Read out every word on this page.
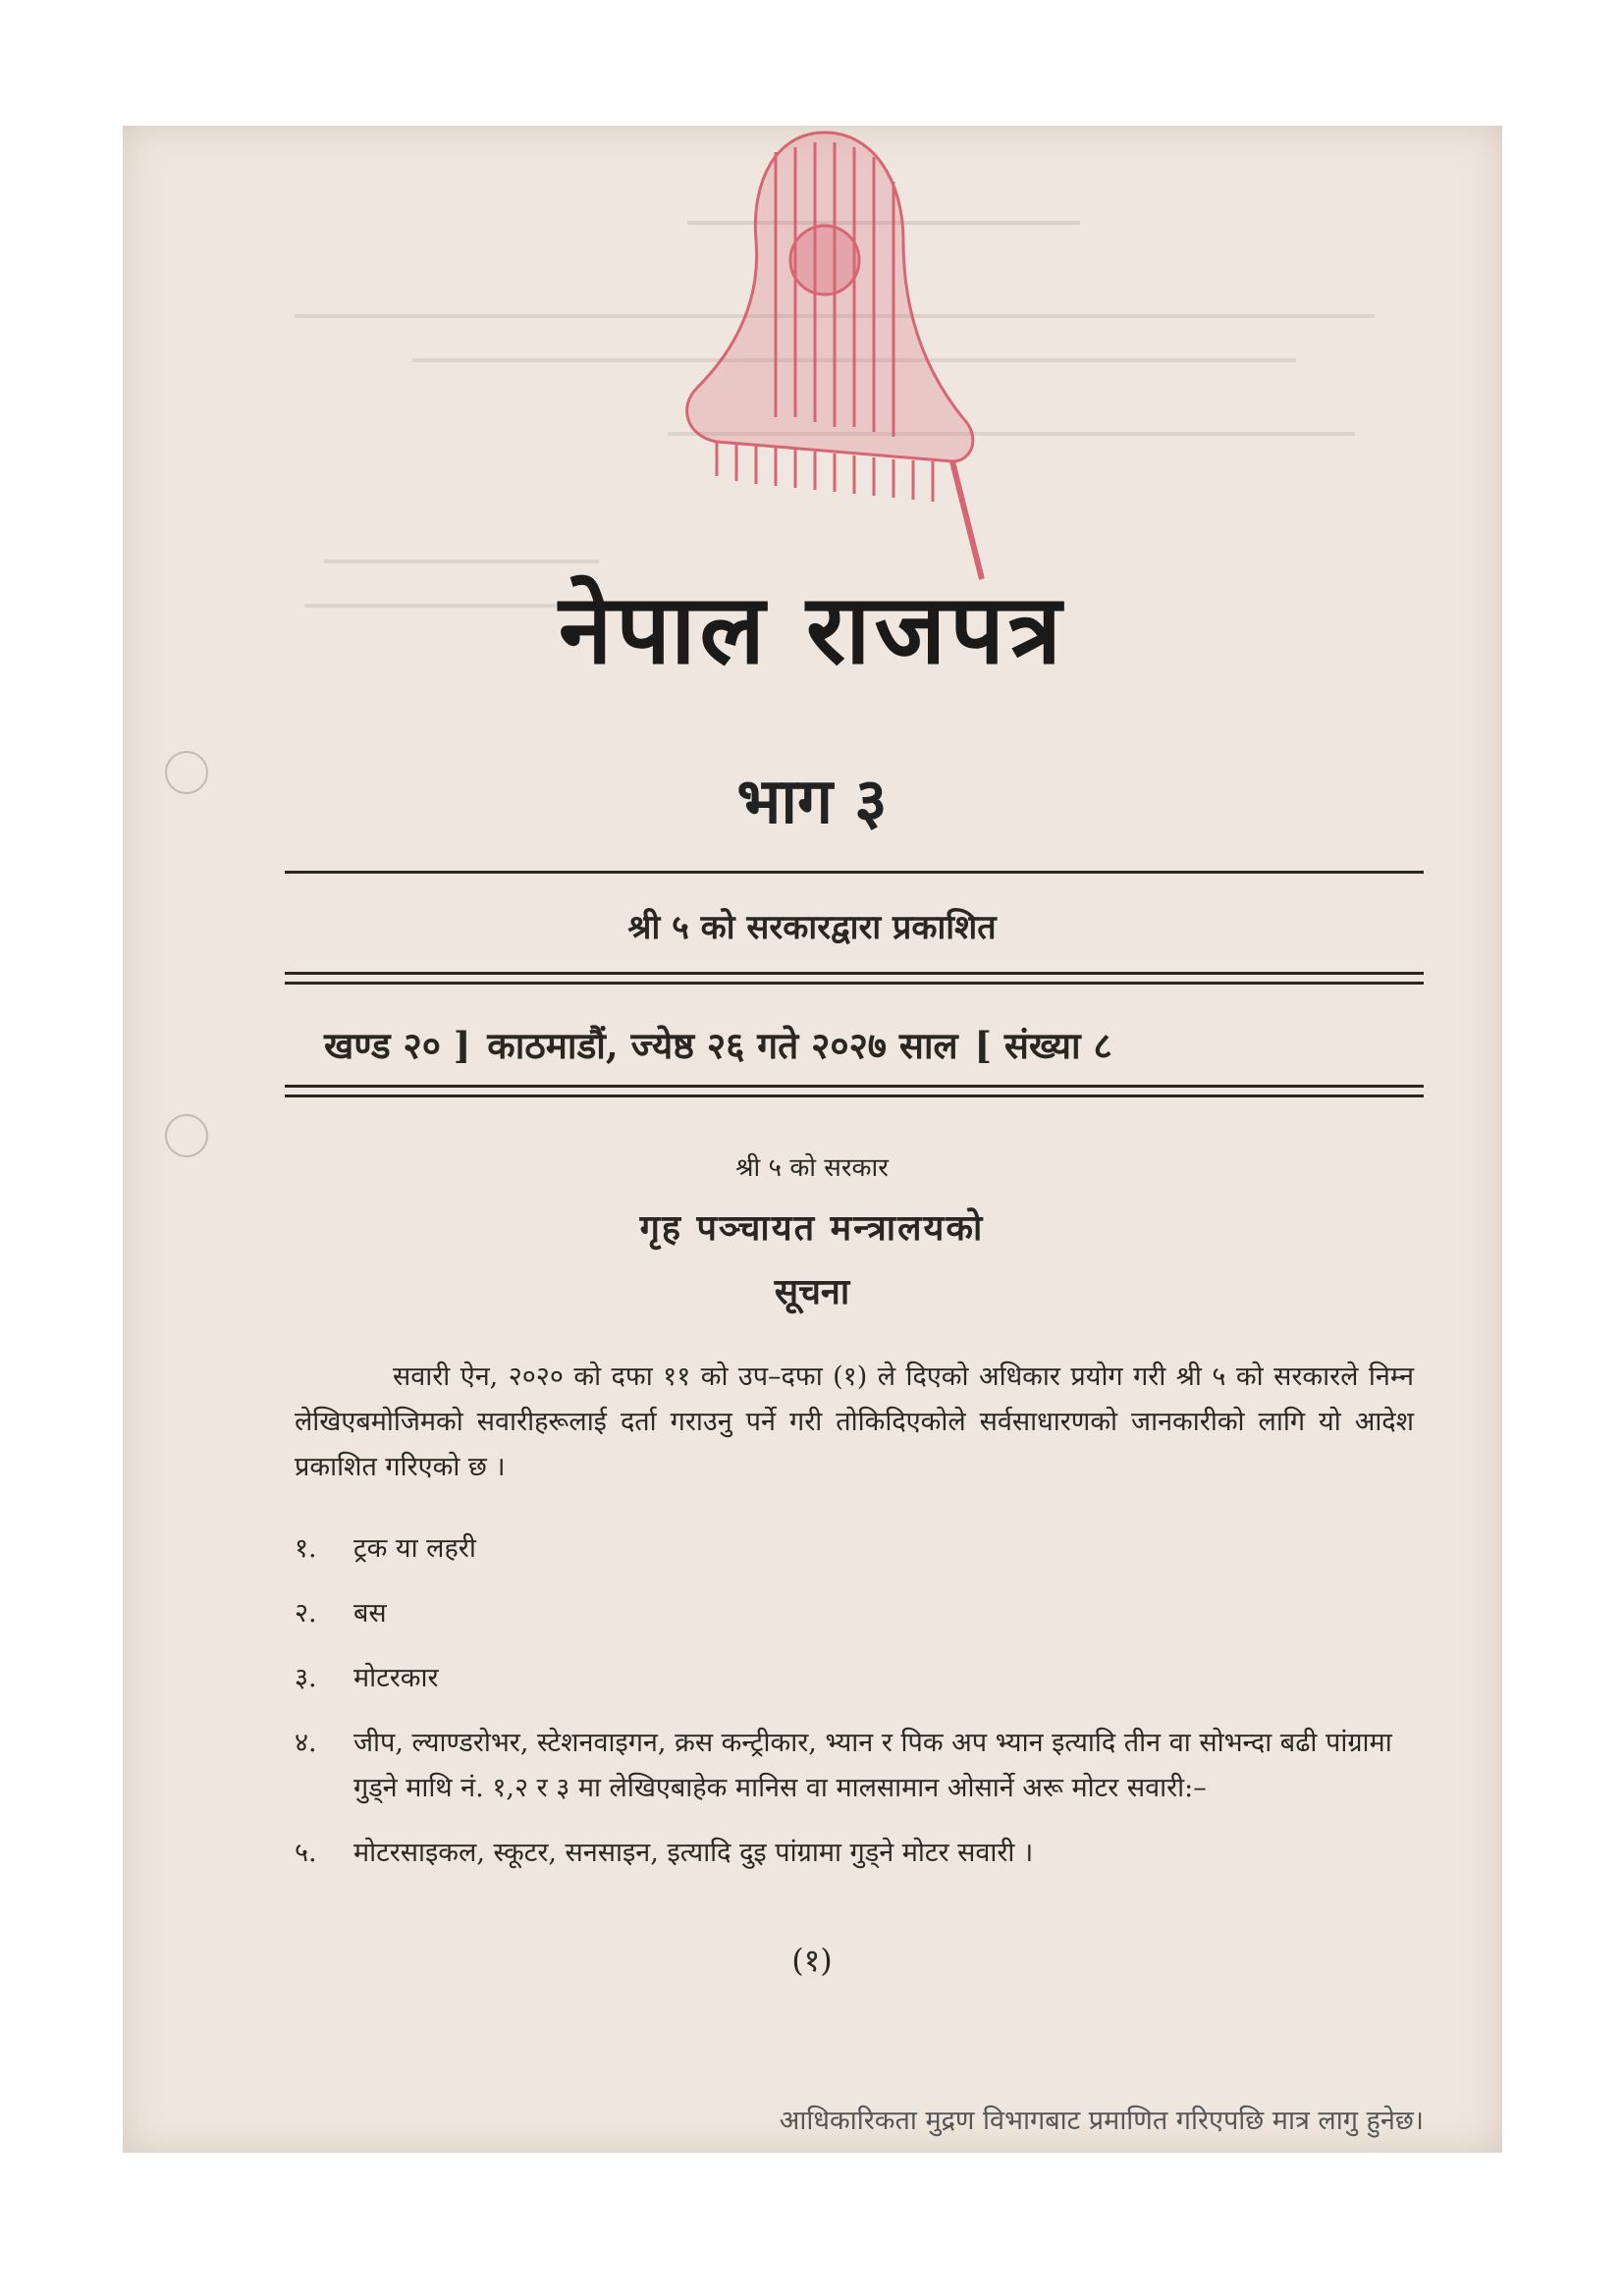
नेपाल राजपत्र
भाग ३
श्री ५ को सरकारद्वारा प्रकाशित
खण्ड २० ] काठमाडौं, ज्येष्ठ २६ गते २०२७ साल [ संख्या ८
श्री ५ को सरकार
गृह पञ्चायत मन्त्रालयको
सूचना
सवारी ऐन, २०२० को दफा ११ को उप–दफा (१) ले दिएको अधिकार प्रयोग गरी श्री ५ को सरकारले निम्न लेखिएबमोजिमको सवारीहरूलाई दर्ता गराउनु पर्ने गरी तोकिदिएकोले सर्वसाधारणको जानकारीको लागि यो आदेश प्रकाशित गरिएको छ ।
१. ट्रक या लहरी
२. बस
३. मोटरकार
४. जीप, ल्याण्डरोभर, स्टेशनवाइगन, क्रस कन्ट्रीकार, भ्यान र पिक अप भ्यान इत्यादि तीन वा सोभन्दा बढी पांग्रामा गुड्ने माथि नं. १,२ र ३ मा लेखिएबाहेक मानिस वा मालसामान ओसार्ने अरू मोटर सवारी:–
५. मोटरसाइकल, स्कूटर, सनसाइन, इत्यादि दुइ पांग्रामा गुड्ने मोटर सवारी ।
(१)
आधिकारिकता मुद्रण विभागबाट प्रमाणित गरिएपछि मात्र लागु हुनेछ।
